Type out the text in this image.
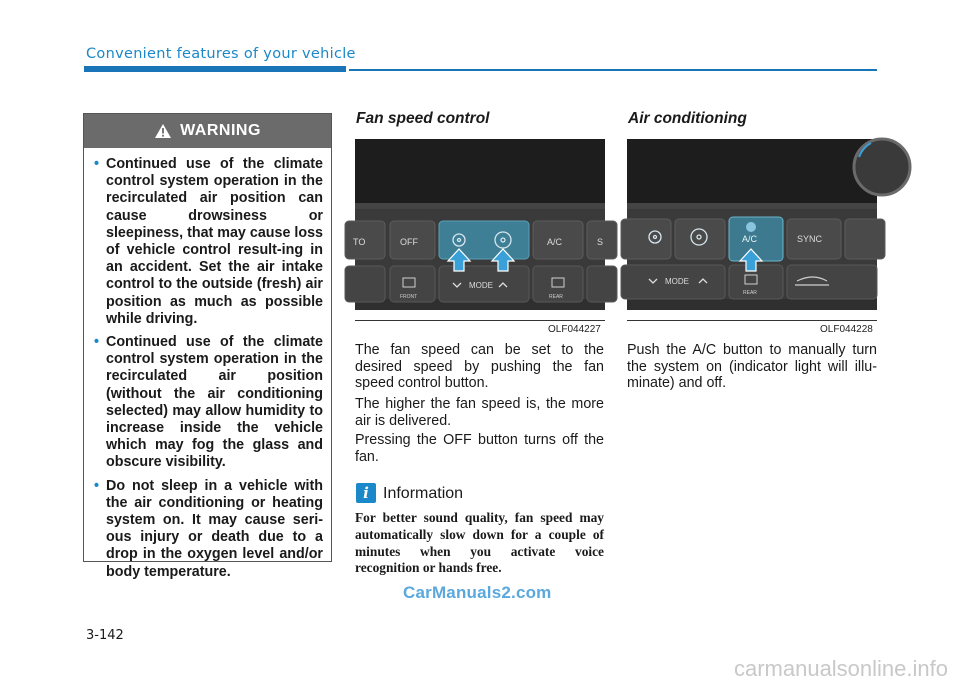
Convenient features of your vehicle
WARNING
• Continued use of the climate control system operation in the recirculated air position can cause drowsiness or sleepiness, that may cause loss of vehicle control result-ing in an accident. Set the air intake control to the outside (fresh) air position as much as possible while driving.
• Continued use of the climate control system operation in the recirculated air position (without the air conditioning selected) may allow humidity to increase inside the vehicle which may fog the glass and obscure visibility.
• Do not sleep in a vehicle with the air conditioning or heating system on. It may cause seri-ous injury or death due to a drop in the oxygen level and/or body temperature.
Fan speed control
TO	OFF	A/C	S
MODE
FRONT	REAR
OLF044227
The fan speed can be set to the desired speed by pushing the fan speed control button.
The higher the fan speed is, the more air is delivered.
Pressing the OFF button turns off the fan.
i Information
For better sound quality, fan speed may automatically slow down for a couple of minutes when you activate voice recognition or hands free.
Air conditioning
A/C	SYNC
MODE
REAR
OLF044228
Push the A/C button to manually turn the system on (indicator light will illu-minate) and off.
CarManuals2.com
3-142
carmanualsonline.info
